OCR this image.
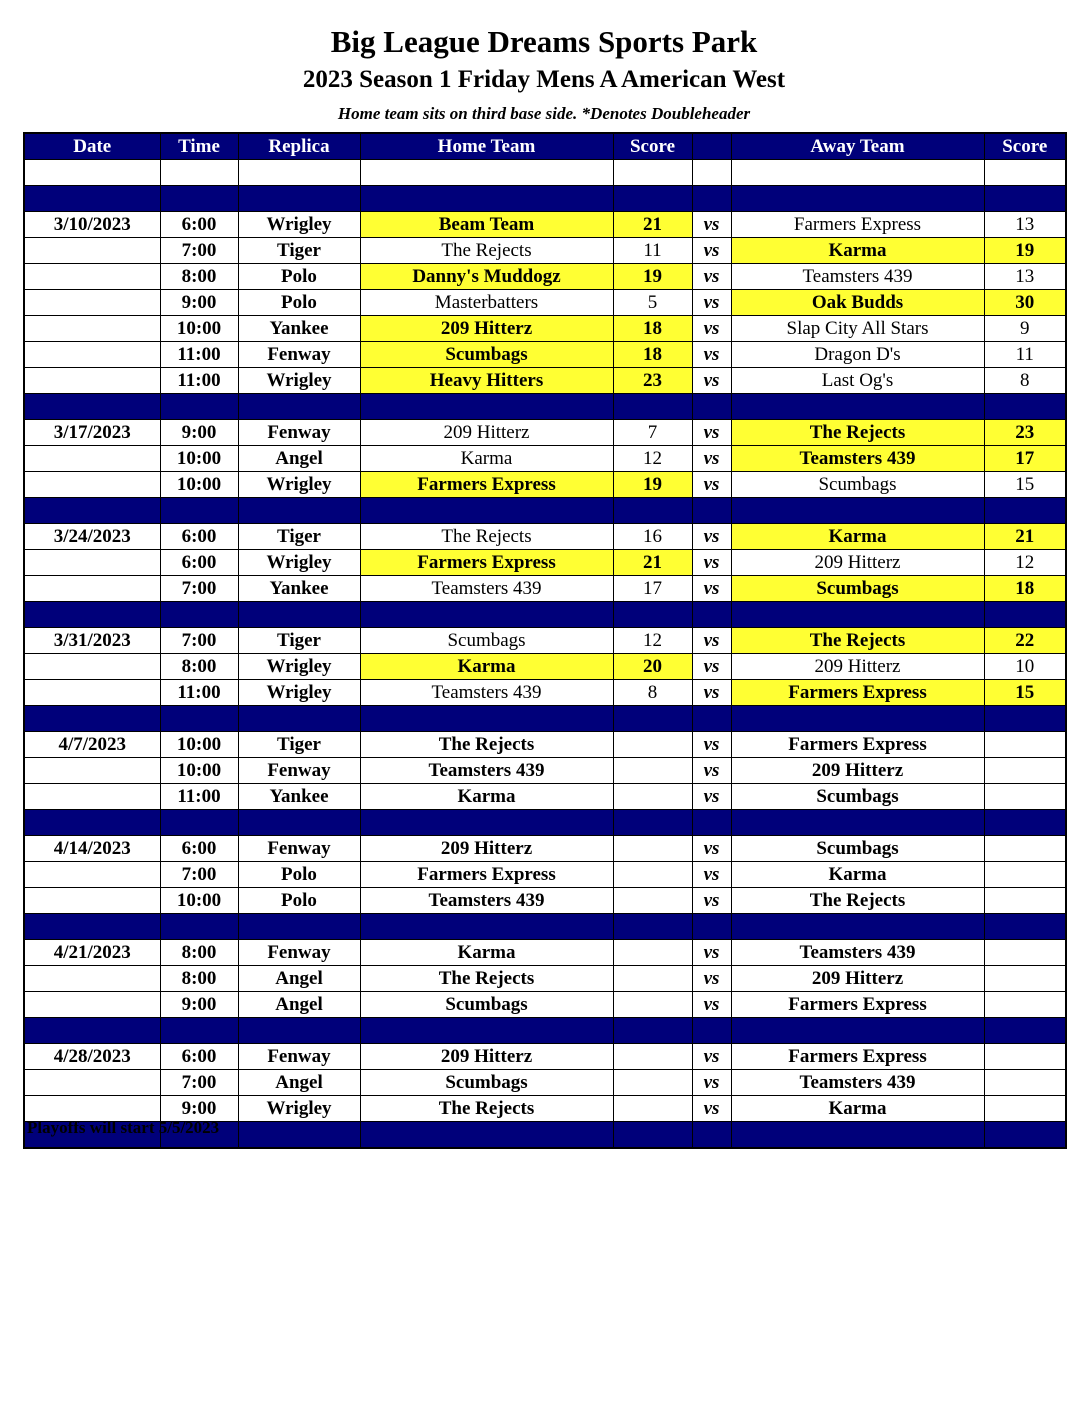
Big League Dreams Sports Park
2023 Season 1 Friday Mens A American West
Home team sits on third base side. *Denotes Doubleheader
Date	Time	Replica	Home Team	Score		Away Team	Score

3/10/2023	6:00	Wrigley	Beam Team	21	vs	Farmers Express	13
	7:00	Tiger	The Rejects	11	vs	Karma	19
	8:00	Polo	Danny's Muddogz	19	vs	Teamsters 439	13
	9:00	Polo	Masterbatters	5	vs	Oak Budds	30
	10:00	Yankee	209 Hitterz	18	vs	Slap City All Stars	9
	11:00	Fenway	Scumbags	18	vs	Dragon D's	11
	11:00	Wrigley	Heavy Hitters	23	vs	Last Og's	8

3/17/2023	9:00	Fenway	209 Hitterz	7	vs	The Rejects	23
	10:00	Angel	Karma	12	vs	Teamsters 439	17
	10:00	Wrigley	Farmers Express	19	vs	Scumbags	15

3/24/2023	6:00	Tiger	The Rejects	16	vs	Karma	21
	6:00	Wrigley	Farmers Express	21	vs	209 Hitterz	12
	7:00	Yankee	Teamsters 439	17	vs	Scumbags	18

3/31/2023	7:00	Tiger	Scumbags	12	vs	The Rejects	22
	8:00	Wrigley	Karma	20	vs	209 Hitterz	10
	11:00	Wrigley	Teamsters 439	8	vs	Farmers Express	15

4/7/2023	10:00	Tiger	The Rejects		vs	Farmers Express	
	10:00	Fenway	Teamsters 439		vs	209 Hitterz	
	11:00	Yankee	Karma		vs	Scumbags	

4/14/2023	6:00	Fenway	209 Hitterz		vs	Scumbags	
	7:00	Polo	Farmers Express		vs	Karma	
	10:00	Polo	Teamsters 439		vs	The Rejects	

4/21/2023	8:00	Fenway	Karma		vs	Teamsters 439	
	8:00	Angel	The Rejects		vs	209 Hitterz	
	9:00	Angel	Scumbags		vs	Farmers Express	

4/28/2023	6:00	Fenway	209 Hitterz		vs	Farmers Express	
	7:00	Angel	Scumbags		vs	Teamsters 439	
	9:00	Wrigley	The Rejects		vs	Karma	

Playoffs will start 5/5/2023
